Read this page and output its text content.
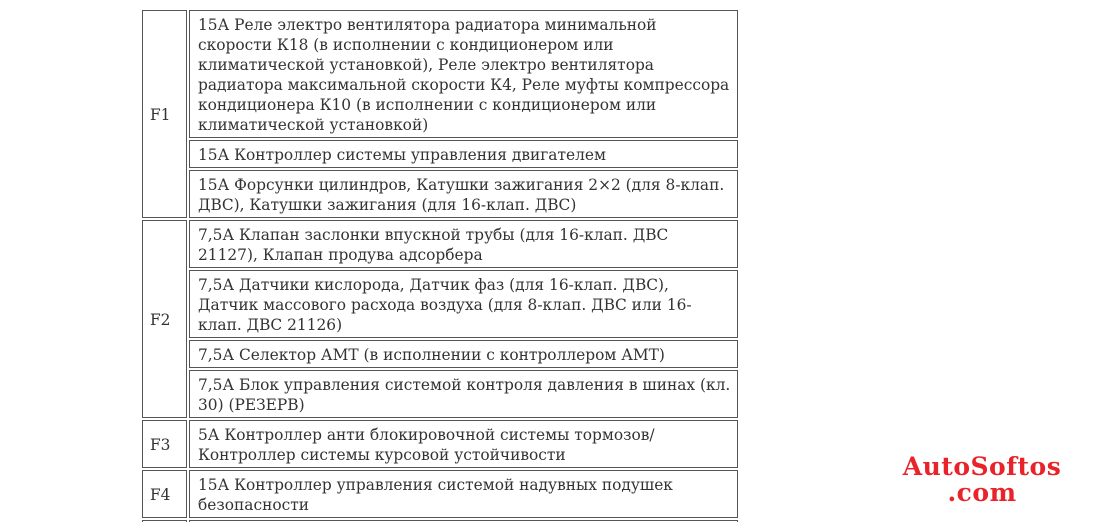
F1	15А Реле электро вентилятора радиатора минимальной скорости К18 (в исполнении с кондиционером или климатической установкой), Реле электро вентилятора радиатора максимальной скорости К4, Реле муфты компрессора кондиционера К10 (в исполнении с кондиционером или климатической установкой)
	15А Контроллер системы управления двигателем
	15А Форсунки цилиндров, Катушки зажигания 2×2 (для 8-клап. ДВС), Катушки зажигания (для 16-клап. ДВС)
F2	7,5А Клапан заслонки впускной трубы (для 16-клап. ДВС 21127), Клапан продува адсорбера
	7,5А Датчики кислорода, Датчик фаз (для 16-клап. ДВС), Датчик массового расхода воздуха (для 8-клап. ДВС или 16-клап. ДВС 21126)
	7,5А Селектор АМТ (в исполнении с контроллером АМТ)
	7,5А Блок управления системой контроля давления в шинах (кл. 30) (РЕЗЕРВ)
F3	5А Контроллер анти блокировочной системы тормозов/ Контроллер системы курсовой устойчивости
F4	15А Контроллер управления системой надувных подушек безопасности

AutoSoftos
.com
